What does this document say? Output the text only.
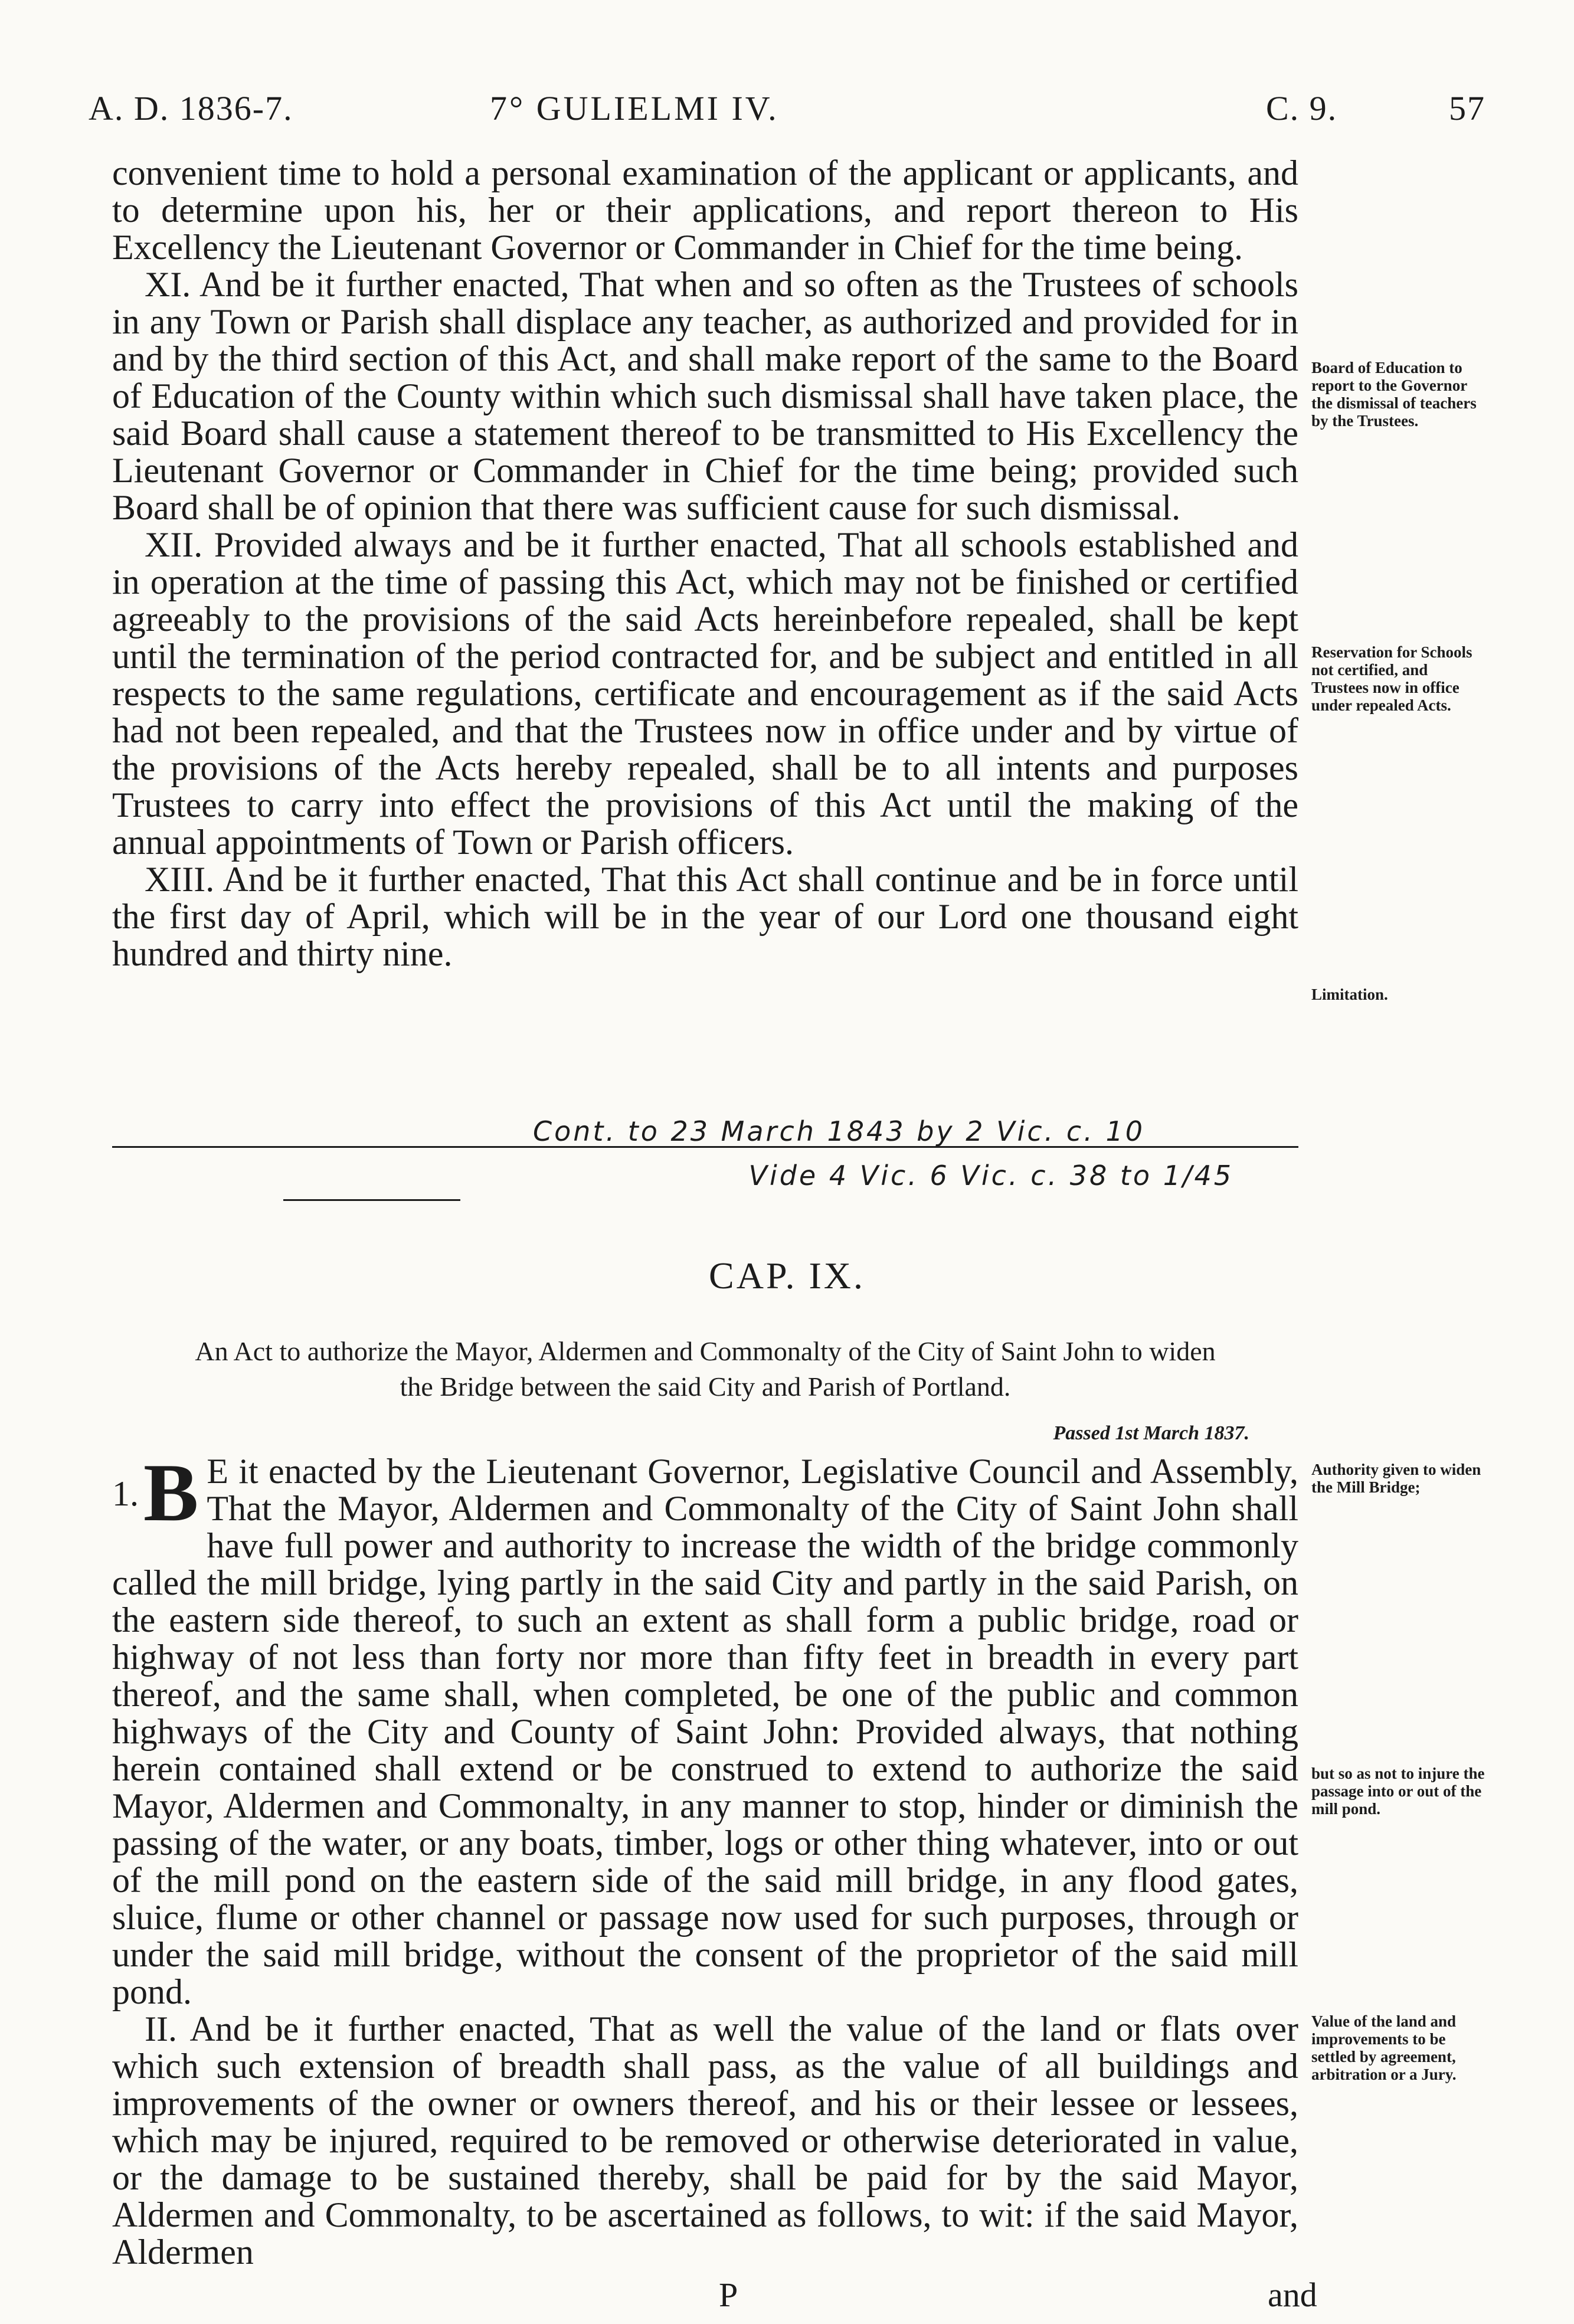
A. D. 1836-7.	7° GULIELMI IV.	C. 9.	57

convenient time to hold a personal examination of the applicant or applicants, and to determine upon his, her or their applications, and report thereon to His Excellency the Lieutenant Governor or Commander in Chief for the time being.

XI. And be it further enacted, That when and so often as the Trustees of schools in any Town or Parish shall displace any teacher, as authorized and provided for in and by the third section of this Act, and shall make report of the same to the Board of Education of the County within which such dismissal shall have taken place, the said Board shall cause a statement thereof to be transmitted to His Excellency the Lieutenant Governor or Commander in Chief for the time being; provided such Board shall be of opinion that there was sufficient cause for such dismissal.

XII. Provided always and be it further enacted, That all schools established and in operation at the time of passing this Act, which may not be finished or certified agreeably to the provisions of the said Acts hereinbefore repealed, shall be kept until the termination of the period contracted for, and be subject and entitled in all respects to the same regulations, certificate and encouragement as if the said Acts had not been repealed, and that the Trustees now in office under and by virtue of the provisions of the Acts hereby repealed, shall be to all intents and purposes Trustees to carry into effect the provisions of this Act until the making of the annual appointments of Town or Parish officers.

XIII. And be it further enacted, That this Act shall continue and be in force until the first day of April, which will be in the year of our Lord one thousand eight hundred and thirty nine.

Cont. to 23 March 1843 by 2 Vic. c. 10
Vide 4 Vic. 6 Vic. c. 38 to 1/45
Board of Education to report to the Governor the dismissal of teachers by the Trustees.
Reservation for Schools not certified, and Trustees now in office under repealed Acts.
Limitation.
CAP. IX.
An Act to authorize the Mayor, Aldermen and Commonalty of the City of Saint John to widen
the Bridge between the said City and Parish of Portland.
Passed 1st March 1837.

1. B E it enacted by the Lieutenant Governor, Legislative Council and Assembly, That the Mayor, Aldermen and Commonalty of the City of Saint John shall have full power and authority to increase the width of the bridge commonly called the mill bridge, lying partly in the said City and partly in the said Parish, on the eastern side thereof, to such an extent as shall form a public bridge, road or highway of not less than forty nor more than fifty feet in breadth in every part thereof, and the same shall, when completed, be one of the public and common highways of the City and County of Saint John: Provided always, that nothing herein contained shall extend or be construed to extend to authorize the said Mayor, Aldermen and Commonalty, in any manner to stop, hinder or diminish the passing of the water, or any boats, timber, logs or other thing whatever, into or out of the mill pond on the eastern side of the said mill bridge, in any flood gates, sluice, flume or other channel or passage now used for such purposes, through or under the said mill bridge, without the consent of the proprietor of the said mill pond.

II. And be it further enacted, That as well the value of the land or flats over which such extension of breadth shall pass, as the value of all buildings and improvements of the owner or owners thereof, and his or their lessee or lessees, which may be injured, required to be removed or otherwise deteriorated in value, or the damage to be sustained thereby, shall be paid for by the said Mayor, Aldermen and Commonalty, to be ascertained as follows, to wit: if the said Mayor, Aldermen

Authority given to widen the Mill Bridge;
but so as not to injure the passage into or out of the mill pond.
Value of the land and improvements to be settled by agreement, arbitration or a Jury.
P	and
